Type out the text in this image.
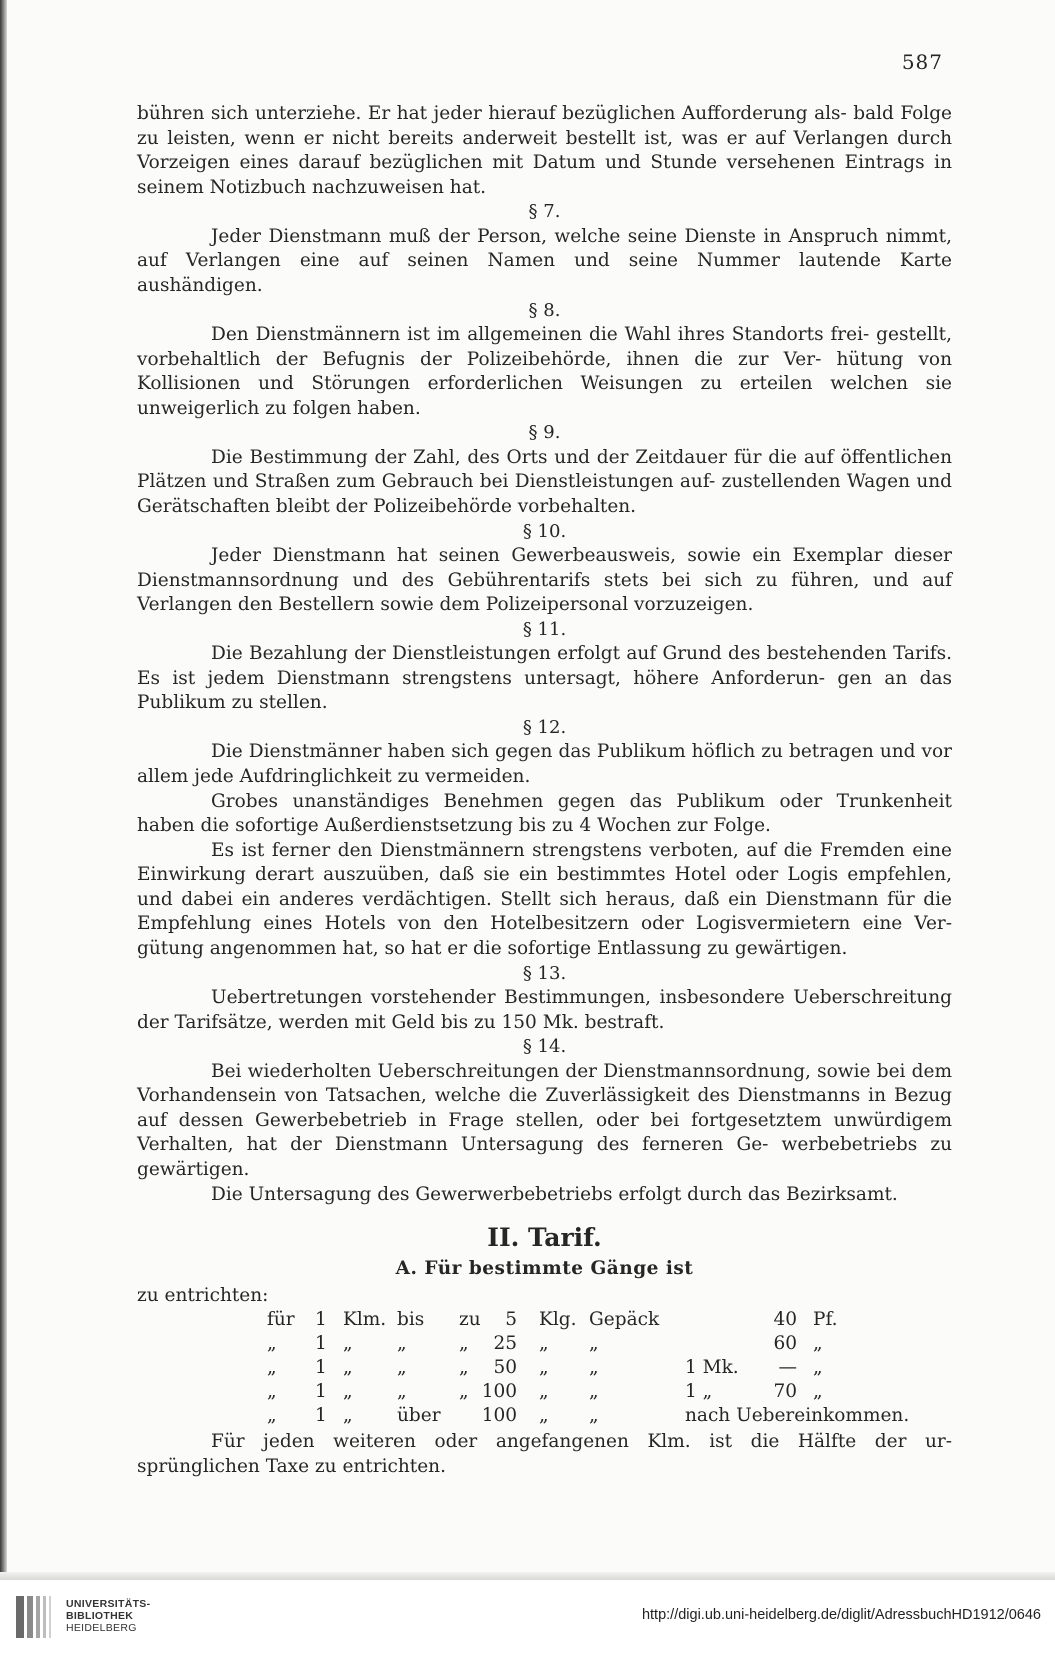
587

bühren sich unterziehe. Er hat jeder hierauf bezüglichen Aufforderung als- bald Folge zu leisten, wenn er nicht bereits anderweit bestellt ist, was er auf Verlangen durch Vorzeigen eines darauf bezüglichen mit Datum und Stunde versehenen Eintrags in seinem Notizbuch nachzuweisen hat.

§ 7.

Jeder Dienstmann muß der Person, welche seine Dienste in Anspruch nimmt, auf Verlangen eine auf seinen Namen und seine Nummer lautende Karte aushändigen.

§ 8.

Den Dienstmännern ist im allgemeinen die Wahl ihres Standorts frei- gestellt, vorbehaltlich der Befugnis der Polizeibehörde, ihnen die zur Ver- hütung von Kollisionen und Störungen erforderlichen Weisungen zu erteilen welchen sie unweigerlich zu folgen haben.

§ 9.

Die Bestimmung der Zahl, des Orts und der Zeitdauer für die auf öffentlichen Plätzen und Straßen zum Gebrauch bei Dienstleistungen auf- zustellenden Wagen und Gerätschaften bleibt der Polizeibehörde vorbehalten.

§ 10.

Jeder Dienstmann hat seinen Gewerbeausweis, sowie ein Exemplar dieser Dienstmannsordnung und des Gebührentarifs stets bei sich zu führen, und auf Verlangen den Bestellern sowie dem Polizeipersonal vorzuzeigen.

§ 11.

Die Bezahlung der Dienstleistungen erfolgt auf Grund des bestehenden Tarifs. Es ist jedem Dienstmann strengstens untersagt, höhere Anforderun- gen an das Publikum zu stellen.

§ 12.

Die Dienstmänner haben sich gegen das Publikum höflich zu betragen und vor allem jede Aufdringlichkeit zu vermeiden.

Grobes unanständiges Benehmen gegen das Publikum oder Trunkenheit haben die sofortige Außerdienstsetzung bis zu 4 Wochen zur Folge.

Es ist ferner den Dienstmännern strengstens verboten, auf die Fremden eine Einwirkung derart auszuüben, daß sie ein bestimmtes Hotel oder Logis empfehlen, und dabei ein anderes verdächtigen. Stellt sich heraus, daß ein Dienstmann für die Empfehlung eines Hotels von den Hotelbesitzern oder Logisvermietern eine Ver- gütung angenommen hat, so hat er die sofortige Entlassung zu gewärtigen.

§ 13.

Uebertretungen vorstehender Bestimmungen, insbesondere Ueberschreitung der Tarifsätze, werden mit Geld bis zu 150 Mk. bestraft.

§ 14.

Bei wiederholten Ueberschreitungen der Dienstmannsordnung, sowie bei dem Vorhandensein von Tatsachen, welche die Zuverlässigkeit des Dienstmanns in Bezug auf dessen Gewerbebetrieb in Frage stellen, oder bei fortgesetztem unwürdigem Verhalten, hat der Dienstmann Untersagung des ferneren Ge- werbebetriebs zu gewärtigen.

Die Untersagung des Gewerwerbebetriebs erfolgt durch das Bezirksamt.

II. Tarif.
A. Für bestimmte Gänge ist

zu entrichten:

für 1 Klm. bis zu 5 Klg. Gepäck	40 Pf.
„ 1 „ „	„ 25 „ „	60 „
„ 1 „ „	„ 50 „ „	1 Mk. — „
„ 1 „ „	„ 100 „ „	1 „	70 „
„ 1 „ über 100 „ „	nach Uebereinkommen.

Für jeden weiteren oder angefangenen Klm. ist die Hälfte der ur- sprünglichen Taxe zu entrichten.

UNIVERSITÄTS-
BIBLIOTHEK
HEIDELBERG
http://digi.ub.uni-heidelberg.de/diglit/AdressbuchHD1912/0646
